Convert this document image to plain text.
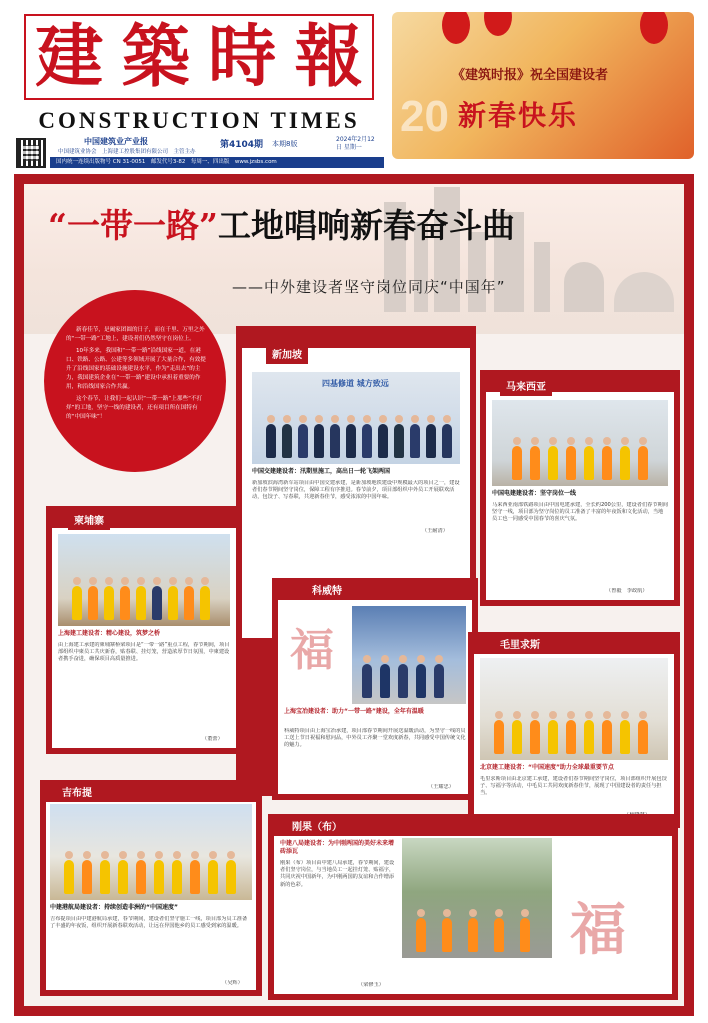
建 築 時 報
CONSTRUCTION TIMES
中国建筑业产业报
中国建筑业协会　上海建工控股集团有限公司　主管主办
第4104期 本期8版
2024年2月12日 星期一
国内统一连续出版物号 CN 31-0051　邮发代号3-82　每周一、四出版　www.jzsbs.com
20
《建筑时报》祝全国建设者
新春快乐
“一带一路”工地唱响新春奋斗曲
——中外建设者坚守岗位同庆“中国年”

新春佳节，是阖家团圆的日子，而在千里、万里之外的“一带一路”工地上，建设者们仍然坚守在岗位上。

10年多来，我国和“一带一路”沿线国家一道，在港口、铁路、公路、公建等多领域开展了大量合作，有效提升了沿线国家的基础设施建设水平，作为“走出去”的主力，我国建筑企业在“一带一路”建设中承担着重要的作用，和沿线国家合作共赢。

这个春节，让我们一起认识“一带一路”上那些“不打烊”的工地，坚守一线的建设者，还有项目所在国特有的“中国年味”！

四基修道 城方致远
中国交建建设者：汛期里施工，高出日一轮飞架两国
新加坡滨海湾新车站项目由中国交建承建，是新加坡地铁建设中规模最大的项目之一，建设者们春节期间坚守岗位，保障工程有序推进。春节前夕，项目部组织中外员工开展联欢活动，包饺子、写春联，共迎新春佳节，感受浓浓的中国年味。
（王耐清）
新加坡
中国电建建设者：坚守岗位一线
马来西亚南部铁路项目由中国电建承建，全长约200公里，建设者们春节期间坚守一线，项目部为坚守岗位的员工准备了丰富的年夜饭和文化活动，当地员工也一同感受中国春节的喜庆气氛。
（曾毅　李政航）
马来西亚
上海建工建设者：精心建设，筑梦之桥
由上海建工承建的柬埔寨桥梁项目是“一带一路”重点工程，春节期间，项目部组织中柬员工共庆新春，贴春联、挂灯笼，营造浓厚节日氛围，中柬建设者携手奋进，确保项目高质量推进。
（董蕾）
柬埔寨
福
上海宝冶建设者：助力“一带一路”建设，全年有温暖
科威特项目由上海宝冶承建，项目部春节期间开展送温暖活动，为坚守一线的员工送上节日祝福和慰问品，中外员工齐聚一堂欢度新春，共同感受中国传统文化的魅力。
（王耀忠）
科威特
北京建工建设者：“中国速度”助力全球最重要节点
毛里求斯项目由北京建工承建，建设者们春节期间坚守岗位，项目部组织开展包饺子、写福字等活动，中毛员工共同欢度新春佳节，展现了中国建设者的责任与担当。
毛里求斯
中建港航局建设者：持续创造非洲的“中国速度”
吉布提项目由中建港航局承建，春节期间，建设者们坚守施工一线，项目部为员工准备了丰盛的年夜饭，组织开展新春联欢活动，让远在异国他乡的员工感受到家的温暖。
（吴辉）
吉布提
中建八局建设者：为中刚两国的美好未来增砖添瓦
刚果（布）项目由中建八局承建，春节期间，建设者们坚守岗位，与当地员工一起挂灯笼、贴福字，共同庆祝中国新年，为中刚两国的友谊和合作增添新的色彩。
（梁修玉）
福
刚果（布）
